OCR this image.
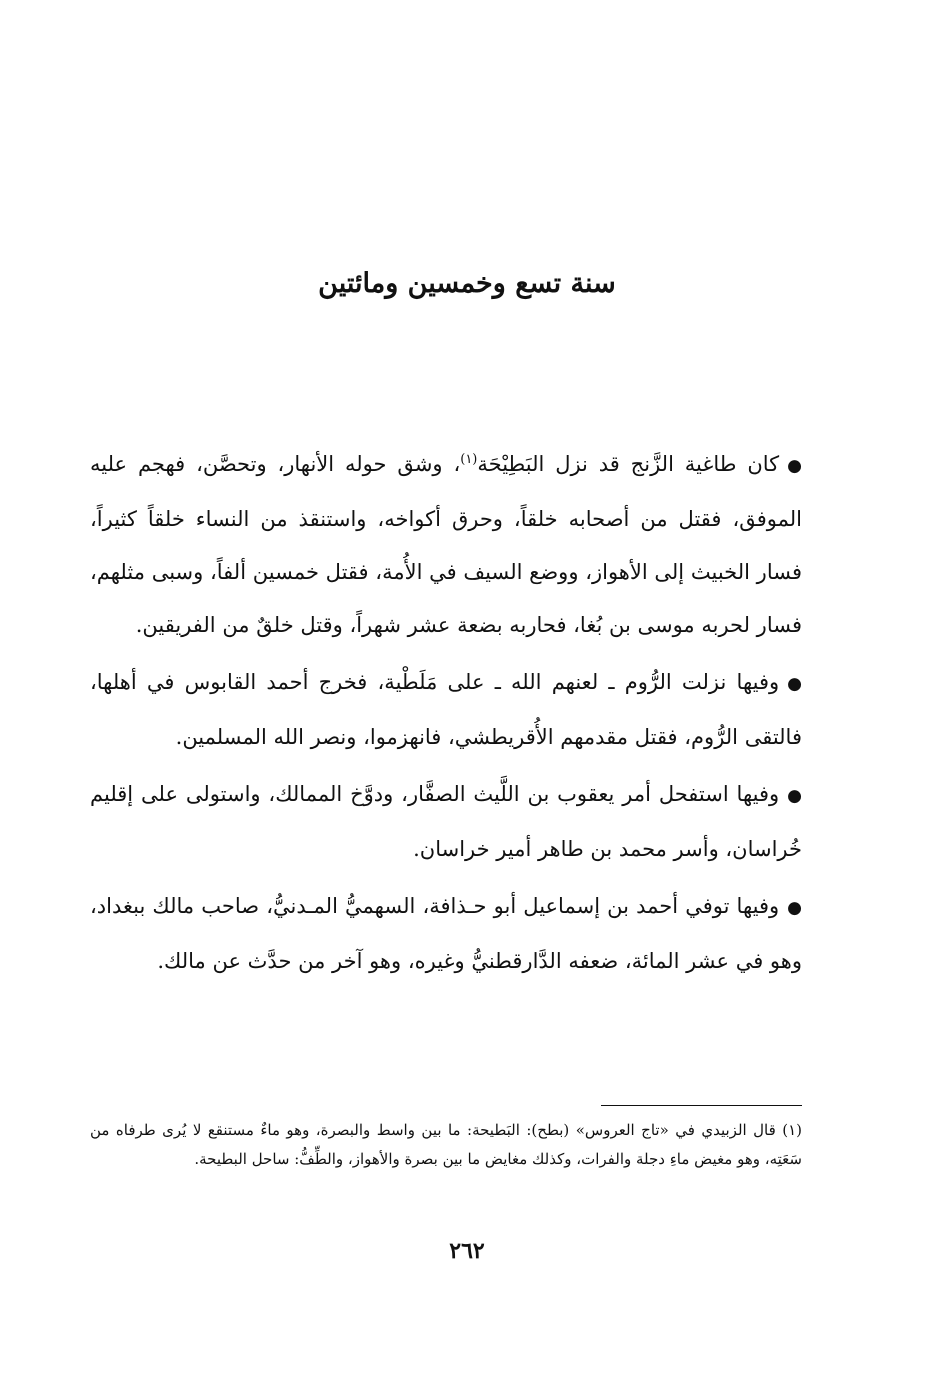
سنة تسع وخمسين ومائتين

●كان طاغية الزَّنج قد نزل البَطِيْحَة$^{(١)}$، وشق حوله الأنهار، وتحصَّن، فهجم عليه الموفق، فقتل من أصحابه خلقاً، وحرق أكواخه، واستنقذ من النساء خلقاً كثيراً، فسار الخبيث إلى الأهواز، ووضع السيف في الأُمة، فقتل خمسين ألفاً، وسبى مثلهم، فسار لحربه موسى بن بُغا، فحاربه بضعة عشر شهراً، وقتل خلقٌ من الفريقين.

●وفيها نزلت الرُّوم ـ لعنهم الله ـ على مَلَطْية، فخرج أحمد القابوس في أهلها، فالتقى الرُّوم، فقتل مقدمهم الأُقريطشي، فانهزموا، ونصر الله المسلمين.

●وفيها استفحل أمر يعقوب بن اللَّيث الصفَّار، ودوَّخ الممالك، واستولى على إقليم خُراسان، وأسر محمد بن طاهر أمير خراسان.

●وفيها توفي أحمد بن إسماعيل أبو حـذافة، السهميُّ المـدنيُّ، صاحب مالك ببغداد، وهو في عشر المائة، ضعفه الدَّارقطنيُّ وغيره، وهو آخر من حدَّث عن مالك.

(١) قال الزبيدي في «تاج العروس» (بطح): البَطيحة: ما بين واسط والبصرة، وهو ماءٌ مستنقع لا يُرى طرفاه من سَعَتِه، وهو مغيض ماءِ دجلة والفرات، وكذلك مغايض ما بين بصرة والأهواز، والطِّفُّ: ساحل البطيحة.

٢٦٢
